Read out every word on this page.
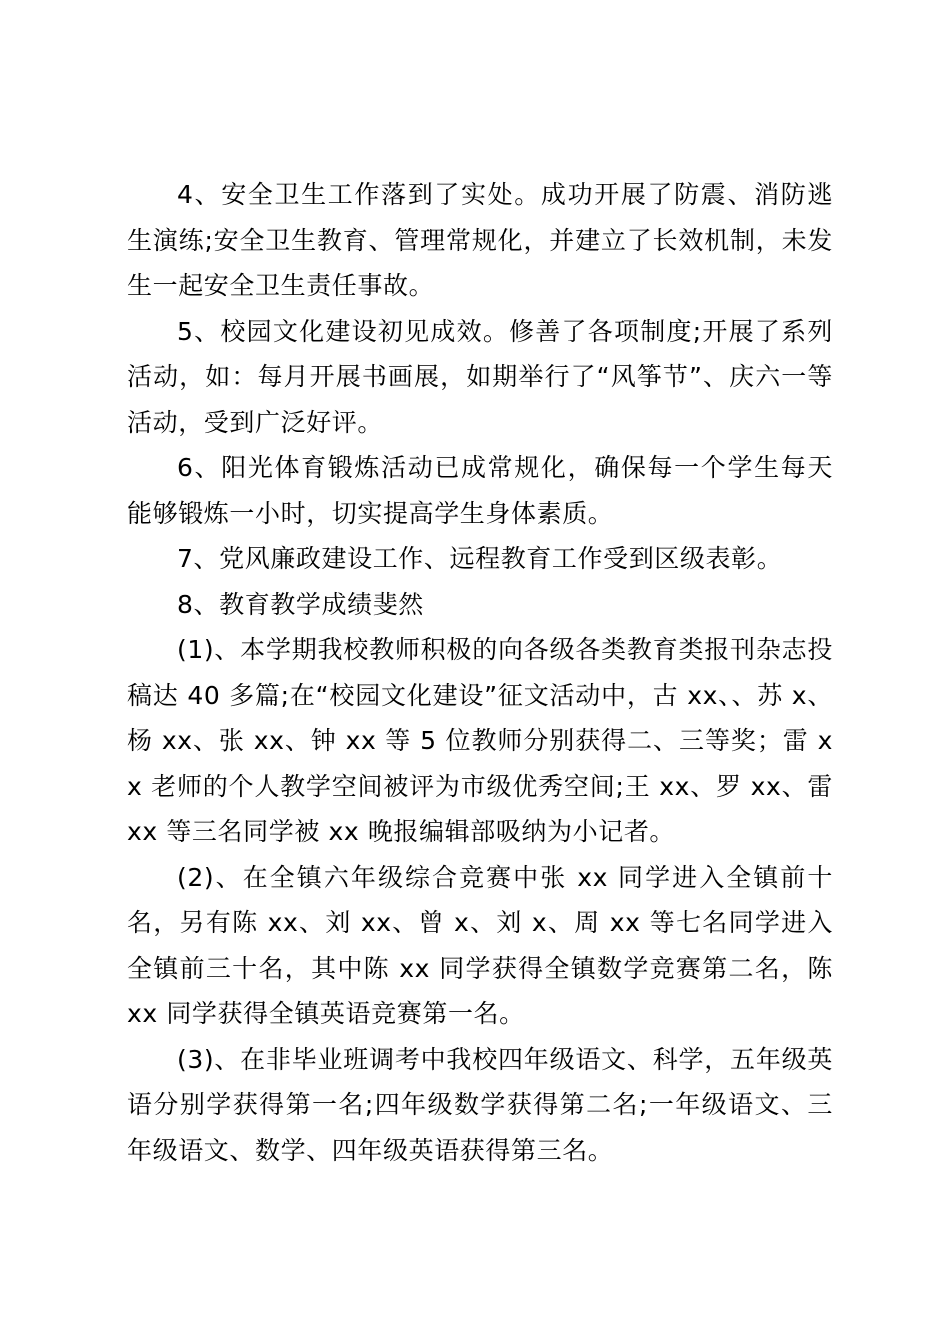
4、安全卫生工作落到了实处。成功开展了防震、消防逃生演练;安全卫生教育、管理常规化，并建立了长效机制，未发生一起安全卫生责任事故。

5、校园文化建设初见成效。修善了各项制度;开展了系列活动，如：每月开展书画展，如期举行了“风筝节”、庆六一等活动，受到广泛好评。

6、阳光体育锻炼活动已成常规化，确保每一个学生每天能够锻炼一小时，切实提高学生身体素质。

7、党风廉政建设工作、远程教育工作受到区级表彰。

8、教育教学成绩斐然

(1)、本学期我校教师积极的向各级各类教育类报刊杂志投稿达 40 多篇;在“校园文化建设”征文活动中，古 xx、、苏 x、杨 xx、张 xx、钟 xx 等 5 位教师分别获得二、三等奖；雷 xx 老师的个人教学空间被评为市级优秀空间;王 xx、罗 xx、雷 xx 等三名同学被 xx 晚报编辑部吸纳为小记者。

(2)、在全镇六年级综合竞赛中张 xx 同学进入全镇前十名，另有陈 xx、刘 xx、曾 x、刘 x、周 xx 等七名同学进入全镇前三十名，其中陈 xx 同学获得全镇数学竞赛第二名，陈 xx 同学获得全镇英语竞赛第一名。

(3)、在非毕业班调考中我校四年级语文、科学，五年级英语分别学获得第一名;四年级数学获得第二名;一年级语文、三年级语文、数学、四年级英语获得第三名。
